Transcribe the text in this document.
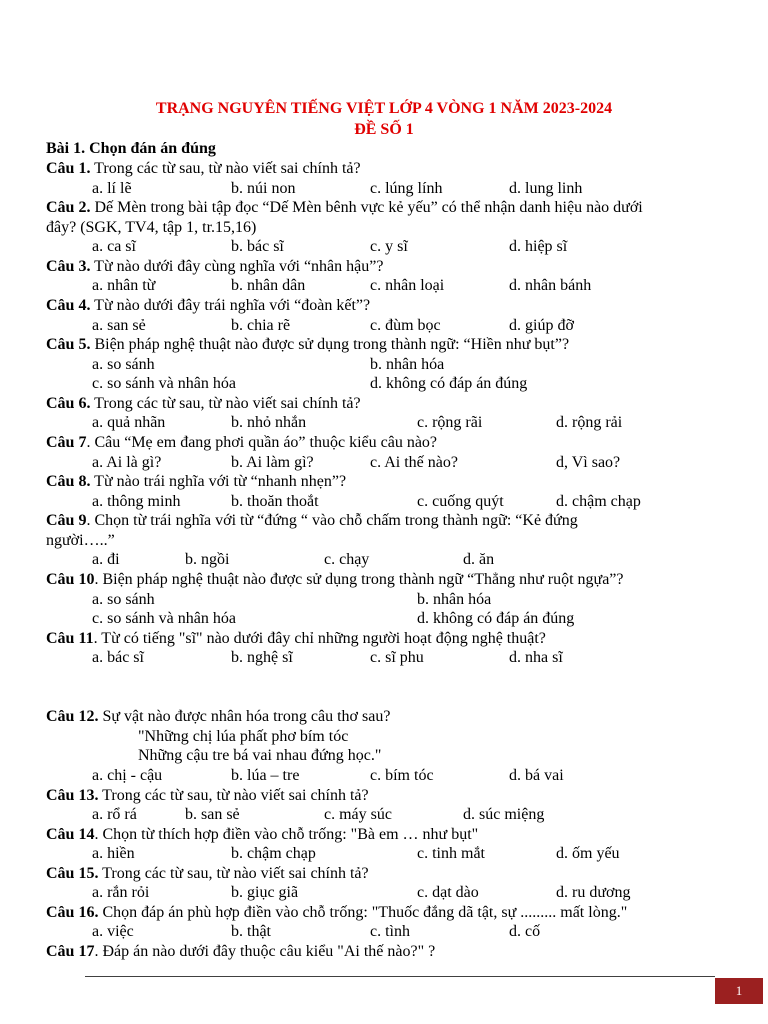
TRẠNG NGUYÊN TIẾNG VIỆT LỚP 4 VÒNG 1 NĂM 2023-2024
ĐỀ SỐ 1
Bài 1. Chọn đán án đúng
Câu 1. Trong các từ sau, từ nào viết sai chính tả?
a. lí lẽ	b. núi non	c. lúng lính	d. lung linh
Câu 2. Dế Mèn trong bài tập đọc “Dế Mèn bênh vực kẻ yếu” có thể nhận danh hiệu nào dưới
đây? (SGK, TV4, tập 1, tr.15,16)
a. ca sĩ	b. bác sĩ	c. y sĩ	d. hiệp sĩ
Câu 3. Từ nào dưới đây cùng nghĩa với “nhân hậu”?
a. nhân từ	b. nhân dân	c. nhân loại	d. nhân bánh
Câu 4. Từ nào dưới đây trái nghĩa với “đoàn kết”?
a. san sẻ	b. chia rẽ	c. đùm bọc	d. giúp đỡ
Câu 5. Biện pháp nghệ thuật nào được sử dụng trong thành ngữ: “Hiền như bụt”?
a. so sánh	b. nhân hóa
c. so sánh và nhân hóa	d. không có đáp án đúng
Câu 6. Trong các từ sau, từ nào viết sai chính tả?
a. quả nhãn	b. nhỏ nhắn	c. rộng rãi	d. rộng rải
Câu 7. Câu “Mẹ em đang phơi quần áo” thuộc kiểu câu nào?
a. Ai là gì?	b. Ai làm gì?	c. Ai thế nào?	d, Vì sao?
Câu 8. Từ nào trái nghĩa với từ “nhanh nhẹn”?
a. thông minh	b. thoăn thoắt	c. cuống quýt	d. chậm chạp
Câu 9. Chọn từ trái nghĩa với từ “đứng “ vào chỗ chấm trong thành ngữ: “Kẻ đứng
người…..”
a. đi	b. ngồi	c. chạy	d. ăn
Câu 10. Biện pháp nghệ thuật nào được sử dụng trong thành ngữ “Thẳng như ruột ngựa”?
a. so sánh	b. nhân hóa
c. so sánh và nhân hóa	d. không có đáp án đúng
Câu 11. Từ có tiếng "sĩ" nào dưới đây chỉ những người hoạt động nghệ thuật?
a. bác sĩ	b. nghệ sĩ	c. sĩ phu	d. nha sĩ
Câu 12. Sự vật nào được nhân hóa trong câu thơ sau?
"Những chị lúa phất phơ bím tóc
Những cậu tre bá vai nhau đứng học."
a. chị - cậu	b. lúa – tre	c. bím tóc	d. bá vai
Câu 13. Trong các từ sau, từ nào viết sai chính tả?
a. rổ rá	b. san sẻ	c. máy súc	d. súc miệng
Câu 14. Chọn từ thích hợp điền vào chỗ trống: "Bà em … như bụt"
a. hiền	b. chậm chạp	c. tinh mắt	d. ốm yếu
Câu 15. Trong các từ sau, từ nào viết sai chính tả?
a. rắn rỏi	b. giục giã	c. dạt dào	d. ru dương
Câu 16. Chọn đáp án phù hợp điền vào chỗ trống: "Thuốc đắng dã tật, sự ......... mất lòng."
a. việc	b. thật	c. tình	d. cố
Câu 17. Đáp án nào dưới đây thuộc câu kiểu "Ai thế nào?" ?
1
